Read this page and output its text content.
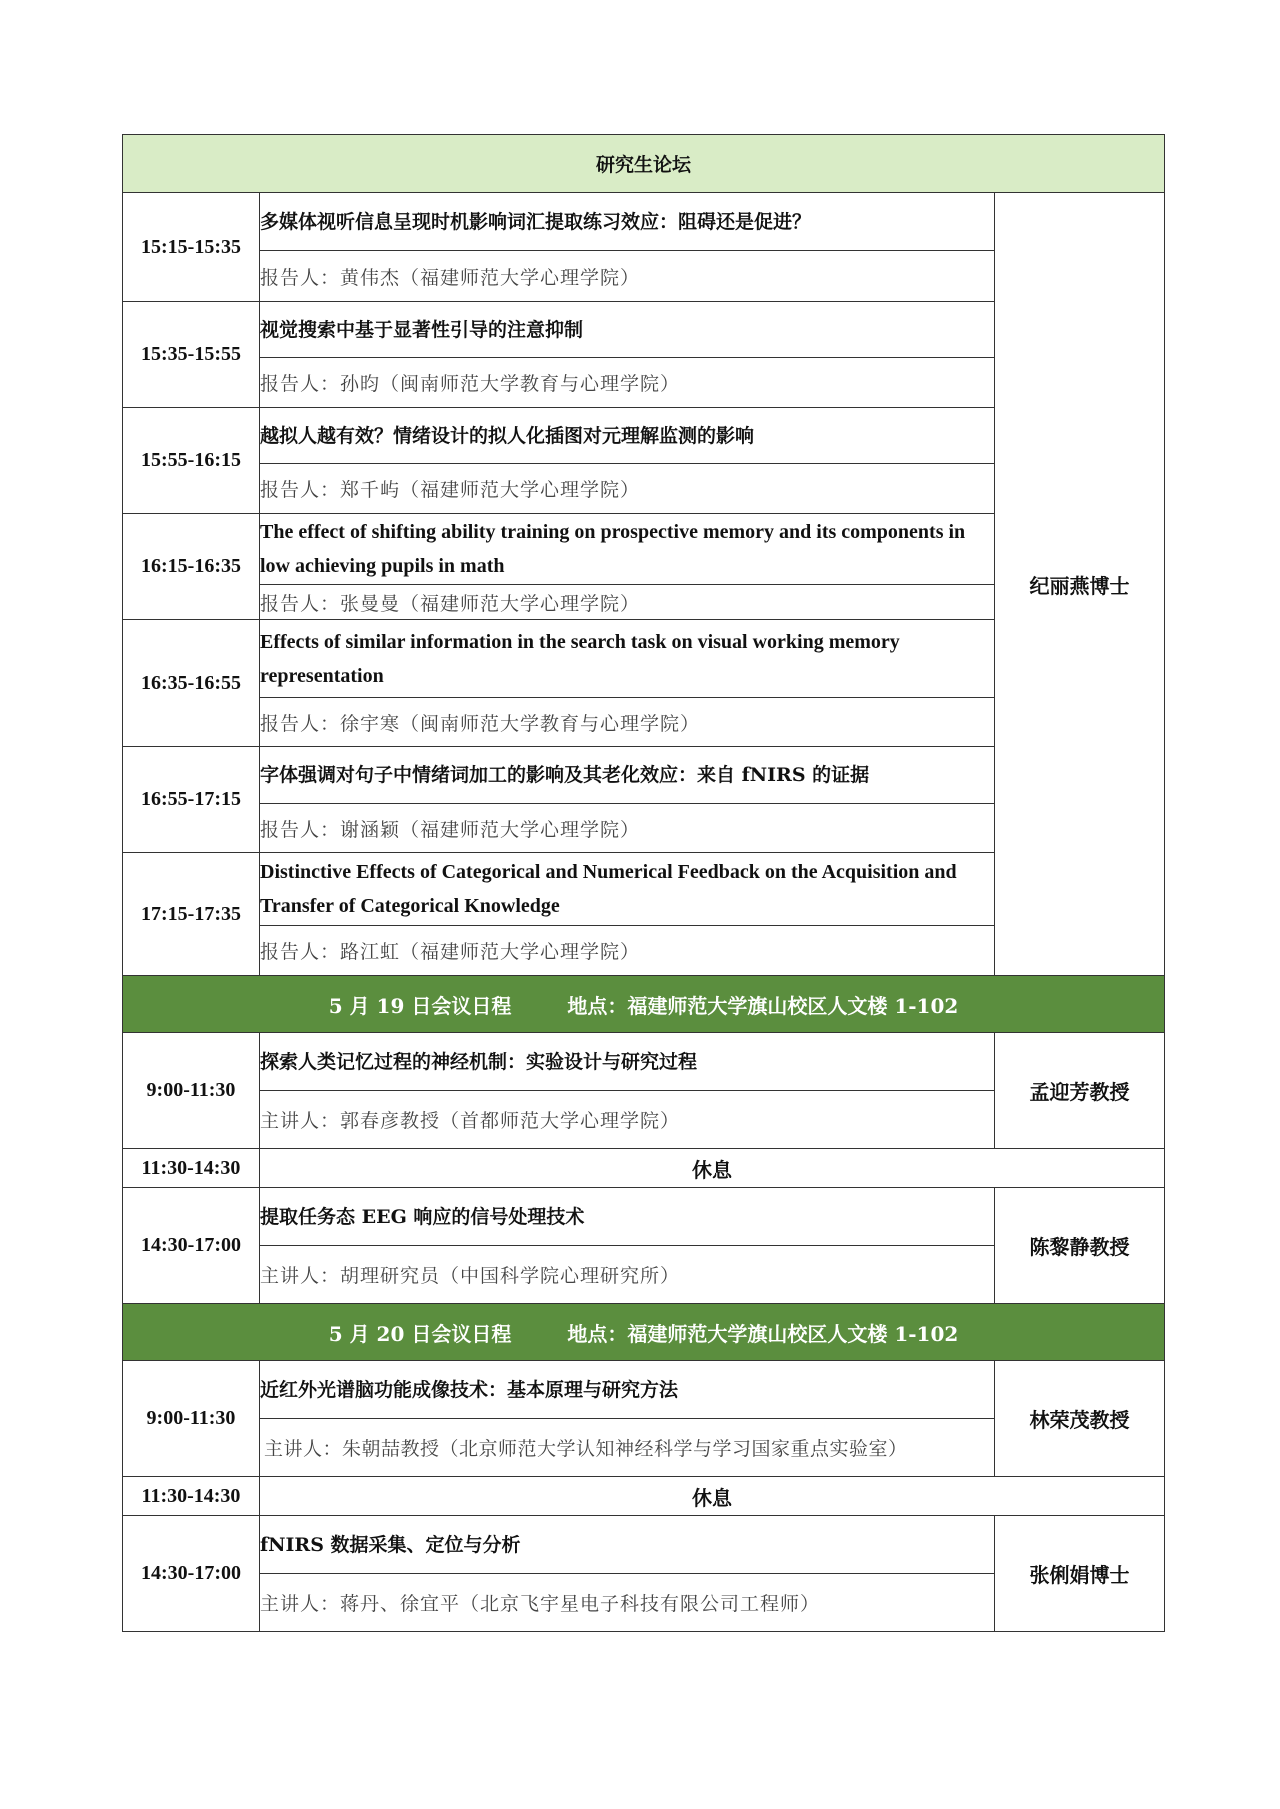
研究生论坛		
15:15-15:35	多媒体视听信息呈现时机影响词汇提取练习效应：阻碍还是促进？	纪丽燕博士
	报告人：黄伟杰（福建师范大学心理学院）	
15:35-15:55	视觉搜索中基于显著性引导的注意抑制	
	报告人：孙昀（闽南师范大学教育与心理学院）	
15:55-16:15	越拟人越有效？情绪设计的拟人化插图对元理解监测的影响	
	报告人：郑千屿（福建师范大学心理学院）	
16:15-16:35	The effect of shifting ability training on prospective memory and its components in low achieving pupils in math	
	报告人：张曼曼（福建师范大学心理学院）	
16:35-16:55	Effects of similar information in the search task on visual working memory representation	
	报告人：徐宇寒（闽南师范大学教育与心理学院）	
16:55-17:15	字体强调对句子中情绪词加工的影响及其老化效应：来自 fNIRS 的证据	
	报告人：谢涵颖（福建师范大学心理学院）	
17:15-17:35	Distinctive Effects of Categorical and Numerical Feedback on the Acquisition and Transfer of Categorical Knowledge	
	报告人：路江虹（福建师范大学心理学院）	
5 月 19 日会议日程 地点：福建师范大学旗山校区人文楼 1-102		
9:00-11:30	探索人类记忆过程的神经机制：实验设计与研究过程	孟迎芳教授
	主讲人：郭春彦教授（首都师范大学心理学院）	
11:30-14:30	休息	
14:30-17:00	提取任务态 EEG 响应的信号处理技术	陈黎静教授
	主讲人：胡理研究员（中国科学院心理研究所）	
5 月 20 日会议日程 地点：福建师范大学旗山校区人文楼 1-102		
9:00-11:30	近红外光谱脑功能成像技术：基本原理与研究方法	林荣茂教授
	主讲人：朱朝喆教授（北京师范大学认知神经科学与学习国家重点实验室）	
11:30-14:30	休息	
14:30-17:00	fNIRS 数据采集、定位与分析	张俐娟博士
	主讲人：蒋丹、徐宜平（北京飞宇星电子科技有限公司工程师）	
